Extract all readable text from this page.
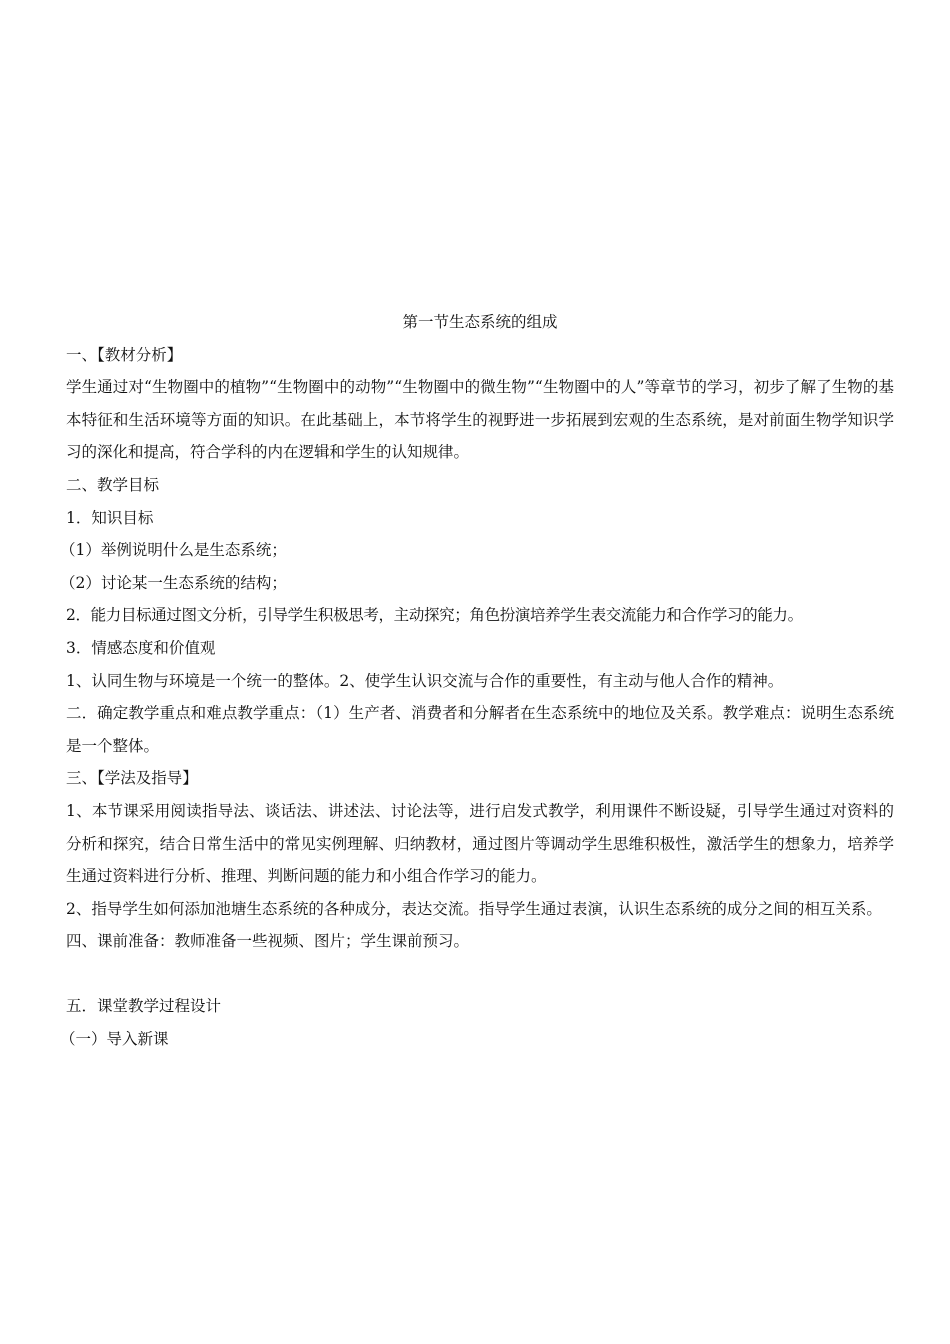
第一节生态系统的组成
一、【教材分析】
学生通过对“生物圈中的植物”“生物圈中的动物”“生物圈中的微生物”“生物圈中的人”等章节的学习，初步了解了生物的基本特征和生活环境等方面的知识。在此基础上，本节将学生的视野进一步拓展到宏观的生态系统，是对前面生物学知识学习的深化和提高，符合学科的内在逻辑和学生的认知规律。
二、教学目标
1．知识目标
（1）举例说明什么是生态系统；
（2）讨论某一生态系统的结构；
2．能力目标通过图文分析，引导学生积极思考，主动探究；角色扮演培养学生表交流能力和合作学习的能力。
3．情感态度和价值观
1、认同生物与环境是一个统一的整体。2、使学生认识交流与合作的重要性，有主动与他人合作的精神。
二．确定教学重点和难点教学重点：（1）生产者、消费者和分解者在生态系统中的地位及关系。教学难点：说明生态系统是一个整体。
三、【学法及指导】
1、本节课采用阅读指导法、谈话法、讲述法、讨论法等，进行启发式教学，利用课件不断设疑，引导学生通过对资料的分析和探究，结合日常生活中的常见实例理解、归纳教材，通过图片等调动学生思维积极性，激活学生的想象力，培养学生通过资料进行分析、推理、判断问题的能力和小组合作学习的能力。
2、指导学生如何添加池塘生态系统的各种成分，表达交流。指导学生通过表演，认识生态系统的成分之间的相互关系。
四、课前准备：教师准备一些视频、图片；学生课前预习。
五．课堂教学过程设计
（一）导入新课
